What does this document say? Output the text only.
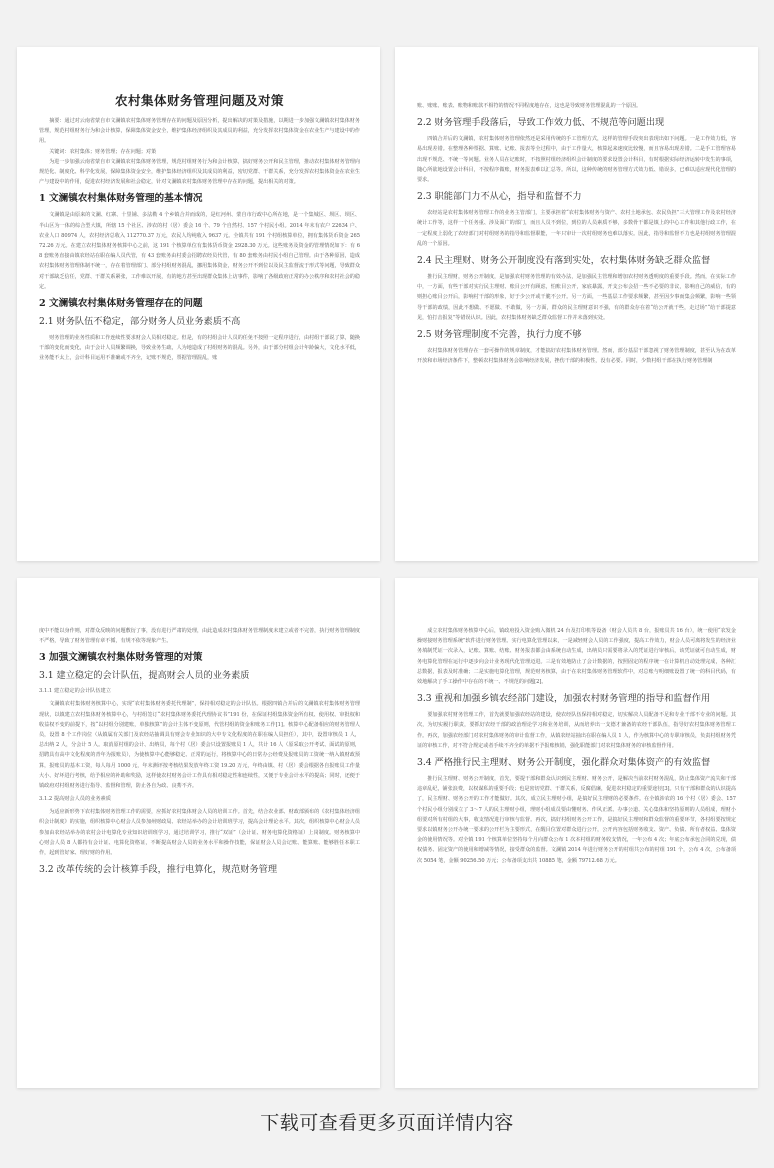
农村集体财务管理问题及对策

摘要：通过对云南省蒙自市文澜镇农村集体财务管理存在的问题及原因分析，提出解决的对策及措施，以期进一步加强文澜镇农村集体财务管理，规范村组财务行为和会计核算，保障集体资金安全，维护集体经济组织及其成员的利益，充分发挥农村集体资金在农业生产与建设中的作用。

关键词：农村集体；财务管理；存在问题；对策

为进一步加强云南省蒙自市文澜镇农村集体财务管理，规范村组财务行为和会计核算，搞好财务公开和民主管理，推动农村集体财务管理向规范化、制度化、科学化发展，保障集体资金安全，维护集体经济组织及其成员的利益，密切党群、干群关系，充分发挥农村集体资金在农业生产与建设中的作用，促进农村经济发展和社会稳定，针对文澜镇农村集体财务管理中存在的问题，提出相关的对策。

1 文澜镇农村集体财务管理的基本情况

文澜镇是由原来的文澜、红寨、十里铺、多法勒 4 个乡镇合并而成的，是红河州、蒙自市行政中心所在地，是一个集城区、坝区、坝区、半山区为一体的综合型大镇，所辖 15 个社区、涉农的村（居）委会 16 个、79 个自然村、157 个村民小组。2014 年末有农户 22634 户、农业人口 80974 人，农村经济总收入 112770.37 万元，农民人均纯收入 9637 元。全镇共有 191 个村组核算单位，拥有集体货币资金 26572.26 万元。在建立农村集体财务核算中心之前，这 191 个核算单位有集体货币资金 2928.30 万元。这些账务及资金的管理情况如下：有 68 套账务直接由镇农经站在职在编人员代管，有 43 套账务由村委会招聘农经员代管，有 80 套账务由村民小组自己管理。由于各种原因，造成农村集体财务管理体制不统一，存在着管理部门、部分村组财务混乱，挪用集体资金，财务公开不到位以及民主监督流于形式等问题，导致群众对干部缺乏信任，党群、干群关系紧张，工作难以开展，有的地方甚至出现群众集体上访事件，影响了各级政府正常的办公秩序和农村社会的稳定。

2 文澜镇农村集体财务管理存在的问题
2.1 财务队伍不稳定，部分财务人员业务素质不高

财务管理的业务性质和工作连续性要求财会人员相对稳定。但是，有的村组会计人员的任免不按照一定程序进行，由村组干部说了算，随换干部的变化而变化，由于会计人员频繁调换，导致业务生疏，人为地造成了村组财务的混乱。另外，由于部分村组会计年龄偏大，文化水平低，业务能不太上，会计科目运用不准确或不齐全，记账不规范，票据管理混乱，账

账、账账、账表、账物和账款不相符的情况不同程度地存在，这也是导致财务管理混乱的一个原因。

2.2 财务管理手段落后，导致工作效力低、不规范等问题出现

四镇合并后的文澜镇，农村集体财务管理依然还是采用传统的手工管理方式，这样的管理手段突出表现出如下问题。一是工作效力低，容易出现差错。在整理各种票据、算账、记账、报表等全过程中，由于工作量大，核算起来速度比较慢，而且容易出现差错。二是手工管理容易出现不规范、不统一等问题。业务人员在记账时，不按照村组经济组织会计制度的要求设置会计科目，有时根据实际经济运转中发生的事项，随心所欲地设置会计科目，不按程序做账，财务报表难以汇总等。所以，这种传统的财务管理方式效力低、错误多，已难以适应现代化管理的要求。

2.3 职能部门力不从心，指导和监督不力

农经站是农村集体财务管理工作的业务主管部门，主要承担着“农村集体财务与资产、农村土地承包、农民负担”三大管理工作及农村经济统计工作等，这样一个任务重、涉及面广的部门，而且人员不到位，到位的人员素质不够，多数骨干都是镇上的中心工作和其他行政工作，在一定程度上弱化了农经部门对村组财务的指导和监督职能，一年只审计一次村组财务也难以落实。因此，指导和监督不力也是村组财务管理混乱的一个原因。

2.4 民主理财、财务公开制度没有落到实处，农村集体财务缺乏群众监督

推行民主理财，财务公开制度，是加强农村财务管理的有效办法，是加强民主管理和增加农村财务透明度的重要手段。然而，在实际工作中，一方面，有些干部对实行民主理财、账目公开有顾虑，怕账目公开，家底暴露，开支公布会招一些不必要的非议，影响自己的威信，有的则担心账目公开后，影响村干部的形象，好于少公开或干脆不公开。另一方面，一些基层工作要求频繁，甚至因少事而集会频繁，影响一些领导干部的政绩，因此不想做、不愿做、不敢做，另一方面，群众的民主理财意识不强，有的群众存在着“给公开就干些，走过场”“给干部提意见，怕打击报复”等错误认识。因此，农村集体财务缺乏群众监督工作并未落到实处。

2.5 财务管理制度不完善，执行力度不够

农村集体财务管理存在一套可操作的规章制度，才能搞好农村集体财务管理。然而，部分基层干部忽视了财务管理制度，甚至认为在改革开放和市场经济条件下，整顿农村集体财务会影响经济发展，挫伤干部的积极性，没有必要。同时，少数村组干部在执行财务管理制

度中不能以身作则，对群众反映的问题敷衍了事，没有进行严肃的处理，由此造成农村集体财务管理制度未建立或者不完善，执行财务管理制度不严格，导致了财务管理有章不循，有规不依等现象产生。

3 加强文澜镇农村集体财务管理的对策
3.1 建立稳定的会计队伍，提高财会人员的业务素质
3.1.1 建立稳定的会计队伍建立

文澜镇农村集体财务核算中心，实现“农村集体财务委托代理制”，保持相对稳定的会计队伍。根据四镇合并后的文澜镇农村集体财务管理现状，以镇建立农村集体财务核算中心，与村组签订“农村集体财务委托代理协议书”191 份，在保证村组集体资金所有权、使用权、审批权和收益权不变的前提下，按“以村组分别建账，单独核算”的会计主体不变原则，代管村组的资金和账务工作[1]。核算中心配备相应的财务管理人员，设置 8 个工作岗位（从镇属有关部门及农经站抽调具有财会专业知识的大中专文化程度的在职在编人员担任），其中，设置审核员 1 人，总出纳 2 人，分会计 5 人。取消原村组的会计、出纳员，每个村（居）委会只设置报账员 1 人，共计 16 人（原采取公开考试、面试的原则，招聘具有高中文化程度的青年为报账员），为使核算中心能够稳定、正常的运行，将核算中心的日常办公经费及报账员的工资统一纳入镇财政预算，报账员的基本工资，每人每月 1000 元，年末测评按考核结果发放年终工资 19.20 万元，年终由镇、村（居）委会根据各自报账员工作量大小、好坏进行考核，给予相应的补助和奖励，这样使农村财务会计工作具有相对稳定性和连续性，又便于专业会计水平的提高；同时，还便于镇政府对村组财务进行指导、监督和管理，防止各自为政、良莠不齐。

3.1.2 提高财会人员的业务素质

为适应新形势下农村集体财务管理工作的需要，应抓好农村集体财会人员的培训工作。首先，结合农业部、财政部颁布的《农村集体经济组织会计制度》的实施，组织核算中心财会人员参加州财政局、农经站举办的会计培训班学习，提高会计理论水平。其次，组织核算中心财会人员参加由农经站举办的农村会计电算化专业知识培训班学习，通过培训学习，推行“双证”（会计证、财务电算化资格证）上岗制度。财务核算中心财会人员 8 人都持有会计证、电算化资格证，不断提高财会人员的业务水平和操作技能，保证财会人员会记账、能算账、能够胜任本职工作，起到管好家、理好财的作用。

3.2 改革传统的会计核算手段，推行电算化，规范财务管理

成立农村集体财务核算中心后，镇政府投入资金购入微机 24 台及打印机等设备（财会人员共 8 台，报账员共 16 台），统一使用“农发金操财接财务管理系统”软件进行财务管理。实行电算化管理以来，一是减轻财会人员的工作强度，提高工作效力，财会人员可离将发生的经济业务填制凭证一次录入，记账、算账、结账、财务报表都会由系统自动生成，出纳员只需要将录入的凭证进行审核后，该凭证就可自动生成，财务电算化管理在运行中逐步向会计业务现代化管理迈进。三是有效地防止了会计数据的，按照固定的程序统一在计算机自动处理完成，各种汇总数据，报表及时准确；二是实施电算化管理，规范财务核算，由于在农村集体财务管理软件中，对总账与明细账设置了统一的科目代码，有效地解决了手工操作中存在的不统一、不规范的问题[2]。

3.3 重视和加强乡镇农经部门建设，加强农村财务管理的指导和监督作用

要加强农村财务管理工作，首先就要加强农经站的建设，使农经队伍保持相对稳定，切实解决人员配备不足和专业干部不专业的问题。其次，为切实履行职责，要抓好农经干部的政治理论学习和业务培训，从而培养出一支德才兼备的农经干部队伍，指导好农村集体财务管理工作。再次，加强农经部门对农村集体财务的审计监督工作，从镇农经站抽出在职在编人员 1 人，作为核算中心的专职审核员，负责村组财务凭证的审核工作，对不符合规定或者手续不齐全的单据不予报账核销，强化职能部门对农村集体财务的审核监督作用。

3.4 严格推行民主理财、财务公开制度，强化群众对集体资产的有效监督

推行民主理财、财务公开制度，首先，要提干部和群众认识到民主理财、财务公开，是解决当前农村财务混乱，防止集体资产流失和干部违章乱纪，铺张浪费，以权谋私的重要手段；也是密切党群、干群关系，反腐倡廉，促进农村稳定的重要途径[3]。只有干部和群众的认识提高了，民主理财、财务公开的工作才能做好。其次，成立民主理财小组，是搞好民主理财的必要条件。在全镇涉农的 16 个村（居）委会、157 个村民小组分别成立了 3～7 人的民主理财小组，理财小组成员要由懂财务、作风正派、办事公道、关心集体和坚持原则的人员组成，理财小组要对所有村组的大事，收支情况进行审核与监督。再次，搞好村组财务公开工作，是搞好民主理财和群众监督的重要环节，各村组要按规定要求以镇财务公开办统一要求的公开栏为主要形式，在醒目位置对群众进行公开，公开内容包括财务收支、资产、负债、所有者权益、集体资金的使用情况等。对全镇 191 个核算单位坚持每个月向群众公布 1 次本村组的财务收支情况，一年公布 4 次；年底公布承包合同的兑现，债权债务、固定资产的使用和增减等情况，接受群众的监督。文澜镇 2014 年进行财务公开的村组共公布的村组 191 个，公布 4 次，公布备项次 5054 笔，金额 90256.50 万元；公布备项支出共 10885 笔，金额 79712.68 万元。

下载可查看更多页面详情内容
